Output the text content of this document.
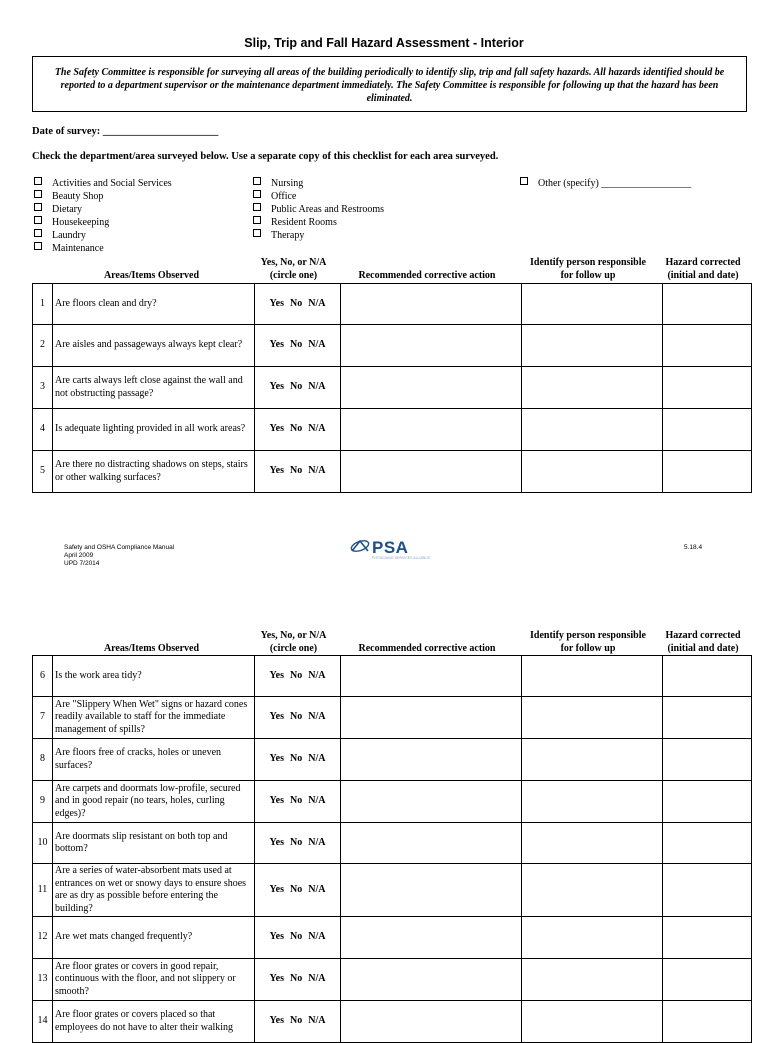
Slip, Trip and Fall Hazard Assessment - Interior
The Safety Committee is responsible for surveying all areas of the building periodically to identify slip, trip and fall safety hazards. All hazards identified should be reported to a department supervisor or the maintenance department immediately. The Safety Committee is responsible for following up that the hazard has been eliminated.
Date of survey: ______________________
Check the department/area surveyed below. Use a separate copy of this checklist for each area surveyed.
Activities and Social Services
Beauty Shop
Dietary
Housekeeping
Laundry
Maintenance
Nursing
Office
Public Areas and Restrooms
Resident Rooms
Therapy
Other (specify) __________________
Areas/Items Observed
Yes, No, or N/A
(circle one)	Recommended corrective action
Identify person responsible
for follow up
Hazard corrected
(initial and date)
1	Are floors clean and dry?	Yes No N/A			
2	Are aisles and passageways always kept clear?	Yes No N/A			
3	Are carts always left close against the wall and not obstructing passage?	Yes No N/A			
4	Is adequate lighting provided in all work areas?	Yes No N/A			
5	Are there no distracting shadows on steps, stairs or other walking surfaces?	Yes No N/A			
Safety and OSHA Compliance Manual
April 2009
UPD 7/2014
PSA
PHYSICIANS' SERVICES ALLIANCE
5.18.4
Areas/Items Observed
Yes, No, or N/A
(circle one)	Recommended corrective action
Identify person responsible
for follow up
Hazard corrected
(initial and date)
6	Is the work area tidy?	Yes No N/A			
7	Are "Slippery When Wet" signs or hazard cones readily available to staff for the immediate management of spills?	Yes No N/A			
8	Are floors free of cracks, holes or uneven surfaces?	Yes No N/A			
9	Are carpets and doormats low-profile, secured and in good repair (no tears, holes, curling edges)?	Yes No N/A			
10	Are doormats slip resistant on both top and bottom?	Yes No N/A			
11	Are a series of water-absorbent mats used at entrances on wet or snowy days to ensure shoes are as dry as possible before entering the building?	Yes No N/A			
12	Are wet mats changed frequently?	Yes No N/A			
13	Are floor grates or covers in good repair, continuous with the floor, and not slippery or smooth?	Yes No N/A			
14	Are floor grates or covers placed so that employees do not have to alter their walking	Yes No N/A			
